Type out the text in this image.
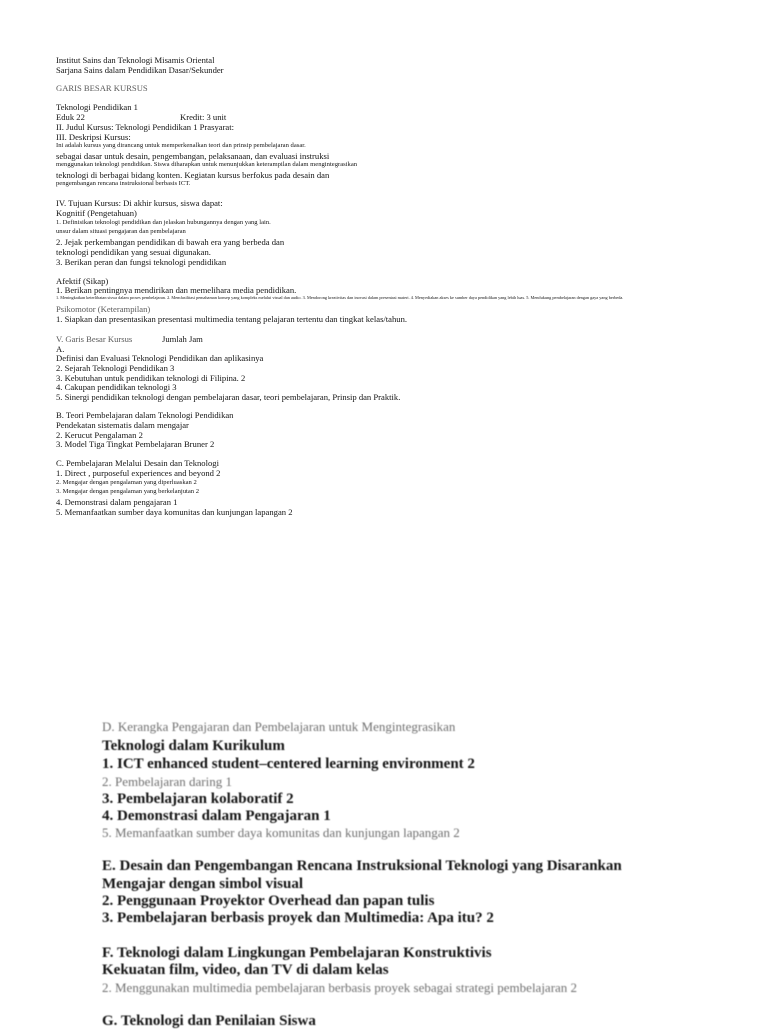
Institut Sains dan Teknologi Misamis Oriental
Sarjana Sains dalam Pendidikan Dasar/Sekunder
GARIS BESAR KURSUS
Teknologi Pendidikan 1
Eduk 22	Kredit: 3 unit
II. Judul Kursus: Teknologi Pendidikan 1 Prasyarat:
III. Deskripsi Kursus:
Ini adalah kursus yang dirancang untuk memperkenalkan teori dan prinsip pembelajaran dasar.
sebagai dasar untuk desain, pengembangan, pelaksanaan, dan evaluasi instruksi
menggunakan teknologi pendidikan. Siswa diharapkan untuk menunjukkan keterampilan dalam mengintegrasikan
teknologi di berbagai bidang konten. Kegiatan kursus berfokus pada desain dan
pengembangan rencana instruksional berbasis ICT.
IV. Tujuan Kursus: Di akhir kursus, siswa dapat:
Kognitif (Pengetahuan)
1. Definisikan teknologi pendidikan dan jelaskan hubungannya dengan yang lain.
unsur dalam situasi pengajaran dan pembelajaran
2. Jejak perkembangan pendidikan di bawah era yang berbeda dan
teknologi pendidikan yang sesuai digunakan.
3. Berikan peran dan fungsi teknologi pendidikan
Afektif (Sikap)
1. Berikan pentingnya mendirikan dan memelihara media pendidikan.
1. Meningkatkan keterlibatan siswa dalam proses pembelajaran. 2. Memfasilitasi pemahaman konsep yang kompleks melalui visual dan audio. 3. Mendorong kreativitas dan inovasi dalam presentasi materi. 4. Menyediakan akses ke sumber daya pendidikan yang lebih luas. 5. Mendukung pembelajaran dengan gaya yang berbeda.
Psikomotor (Keterampilan)
1. Siapkan dan presentasikan presentasi multimedia tentang pelajaran tertentu dan tingkat kelas/tahun.
V. Garis Besar Kursus	Jumlah Jam
A.
Definisi dan Evaluasi Teknologi Pendidikan dan aplikasinya
2. Sejarah Teknologi Pendidikan 3
3. Kebutuhan untuk pendidikan teknologi di Filipina. 2
4. Cakupan pendidikan teknologi 3
5. Sinergi pendidikan teknologi dengan pembelajaran dasar, teori pembelajaran, Prinsip dan Praktik.
B. Teori Pembelajaran dalam Teknologi Pendidikan
Pendekatan sistematis dalam mengajar
2. Kerucut Pengalaman 2
3. Model Tiga Tingkat Pembelajaran Bruner 2
C. Pembelajaran Melalui Desain dan Teknologi
1. Direct , purposeful experiences and beyond 2
2. Mengajar dengan pengalaman yang diperluaskan 2
3. Mengajar dengan pengalaman yang berkelanjutan 2
4. Demonstrasi dalam pengajaran 1
5. Memanfaatkan sumber daya komunitas dan kunjungan lapangan 2
D. Kerangka Pengajaran dan Pembelajaran untuk Mengintegrasikan
Teknologi dalam Kurikulum
1. ICT enhanced student–centered learning environment 2
2. Pembelajaran daring 1
3. Pembelajaran kolaboratif 2
4. Demonstrasi dalam Pengajaran 1
5. Memanfaatkan sumber daya komunitas dan kunjungan lapangan 2
E. Desain dan Pengembangan Rencana Instruksional Teknologi yang Disarankan
Mengajar dengan simbol visual
2. Penggunaan Proyektor Overhead dan papan tulis
3. Pembelajaran berbasis proyek dan Multimedia: Apa itu? 2
F. Teknologi dalam Lingkungan Pembelajaran Konstruktivis
Kekuatan film, video, dan TV di dalam kelas
2. Menggunakan multimedia pembelajaran berbasis proyek sebagai strategi pembelajaran 2
G. Teknologi dan Penilaian Siswa
